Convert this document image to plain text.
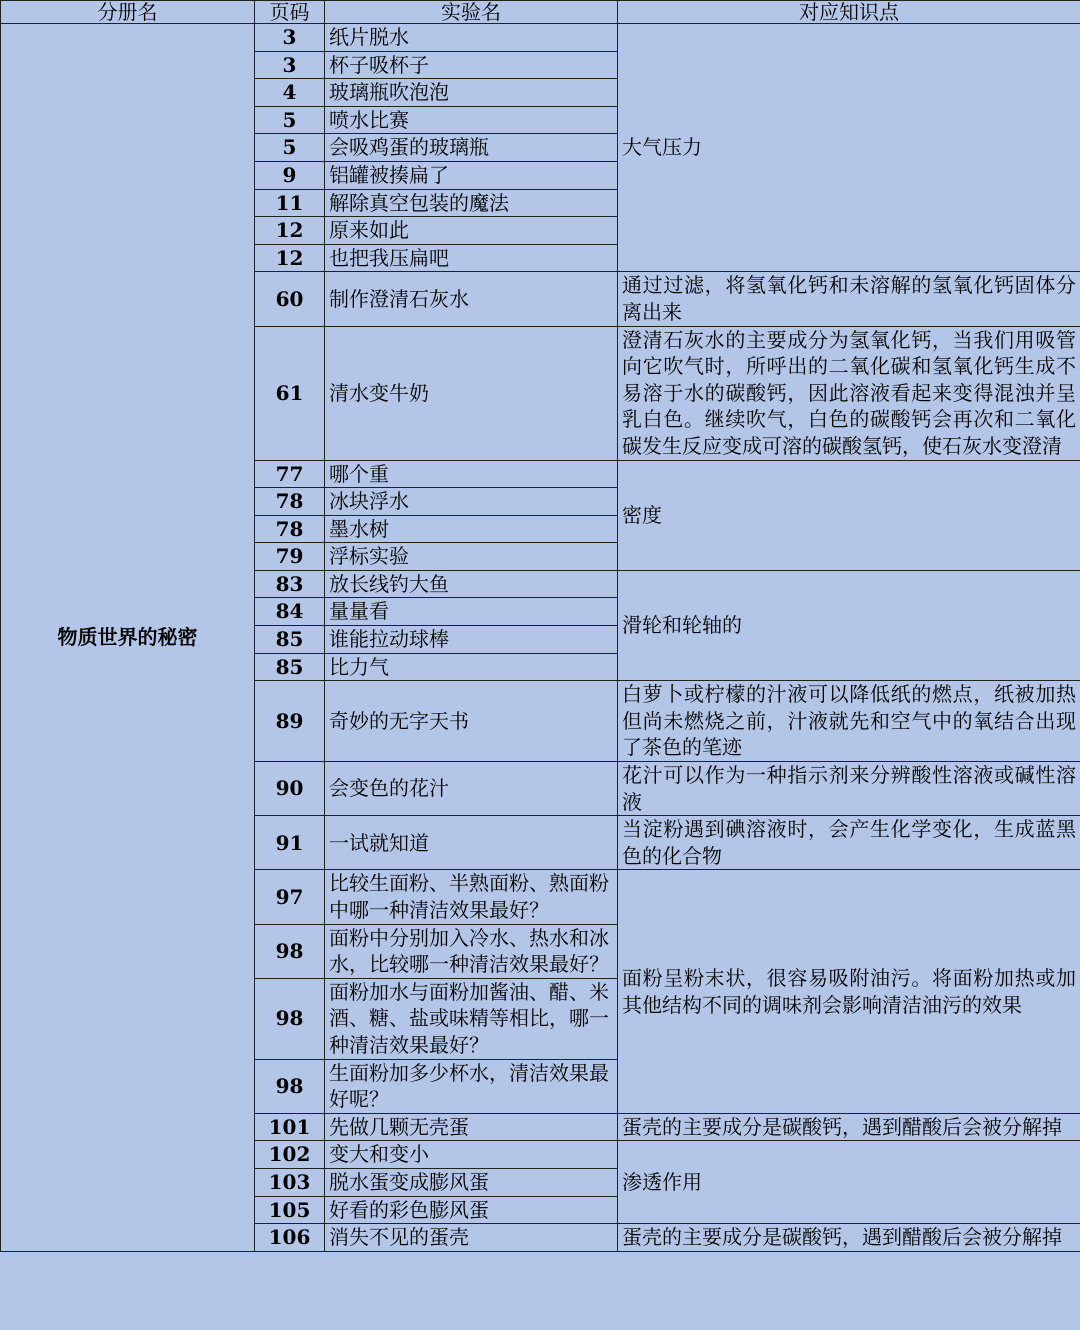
分册名	页码	实验名	对应知识点
物质世界的秘密	3	纸片脱水	大气压力
	3	杯子吸杯子	
	4	玻璃瓶吹泡泡	
	5	喷水比赛	
	5	会吸鸡蛋的玻璃瓶	
	9	铝罐被揍扁了	
	11	解除真空包装的魔法	
	12	原来如此	
	12	也把我压扁吧	
	60	制作澄清石灰水	通过过滤，将氢氧化钙和未溶解的氢氧化钙固体分离出来
	61	清水变牛奶	澄清石灰水的主要成分为氢氧化钙，当我们用吸管向它吹气时，所呼出的二氧化碳和氢氧化钙生成不易溶于水的碳酸钙，因此溶液看起来变得混浊并呈乳白色。继续吹气，白色的碳酸钙会再次和二氧化碳发生反应变成可溶的碳酸氢钙，使石灰水变澄清
	77	哪个重	密度
	78	冰块浮水	
	78	墨水树	
	79	浮标实验	
	83	放长线钓大鱼	滑轮和轮轴的
	84	量量看	
	85	谁能拉动球棒	
	85	比力气	
	89	奇妙的无字天书	白萝卜或柠檬的汁液可以降低纸的燃点，纸被加热但尚未燃烧之前，汁液就先和空气中的氧结合出现了茶色的笔迹
	90	会变色的花汁	花汁可以作为一种指示剂来分辨酸性溶液或碱性溶液
	91	一试就知道	当淀粉遇到碘溶液时，会产生化学变化，生成蓝黑色的化合物
	97	比较生面粉、半熟面粉、熟面粉中哪一种清洁效果最好？	面粉呈粉末状，很容易吸附油污。将面粉加热或加其他结构不同的调味剂会影响清洁油污的效果
	98	面粉中分别加入冷水、热水和冰水，比较哪一种清洁效果最好？	
	98	面粉加水与面粉加酱油、醋、米酒、糖、盐或味精等相比，哪一种清洁效果最好？	
	98	生面粉加多少杯水，清洁效果最好呢？	
	101	先做几颗无壳蛋	蛋壳的主要成分是碳酸钙，遇到醋酸后会被分解掉
	102	变大和变小	渗透作用
	103	脱水蛋变成膨风蛋	
	105	好看的彩色膨风蛋	
	106	消失不见的蛋壳	蛋壳的主要成分是碳酸钙，遇到醋酸后会被分解掉
